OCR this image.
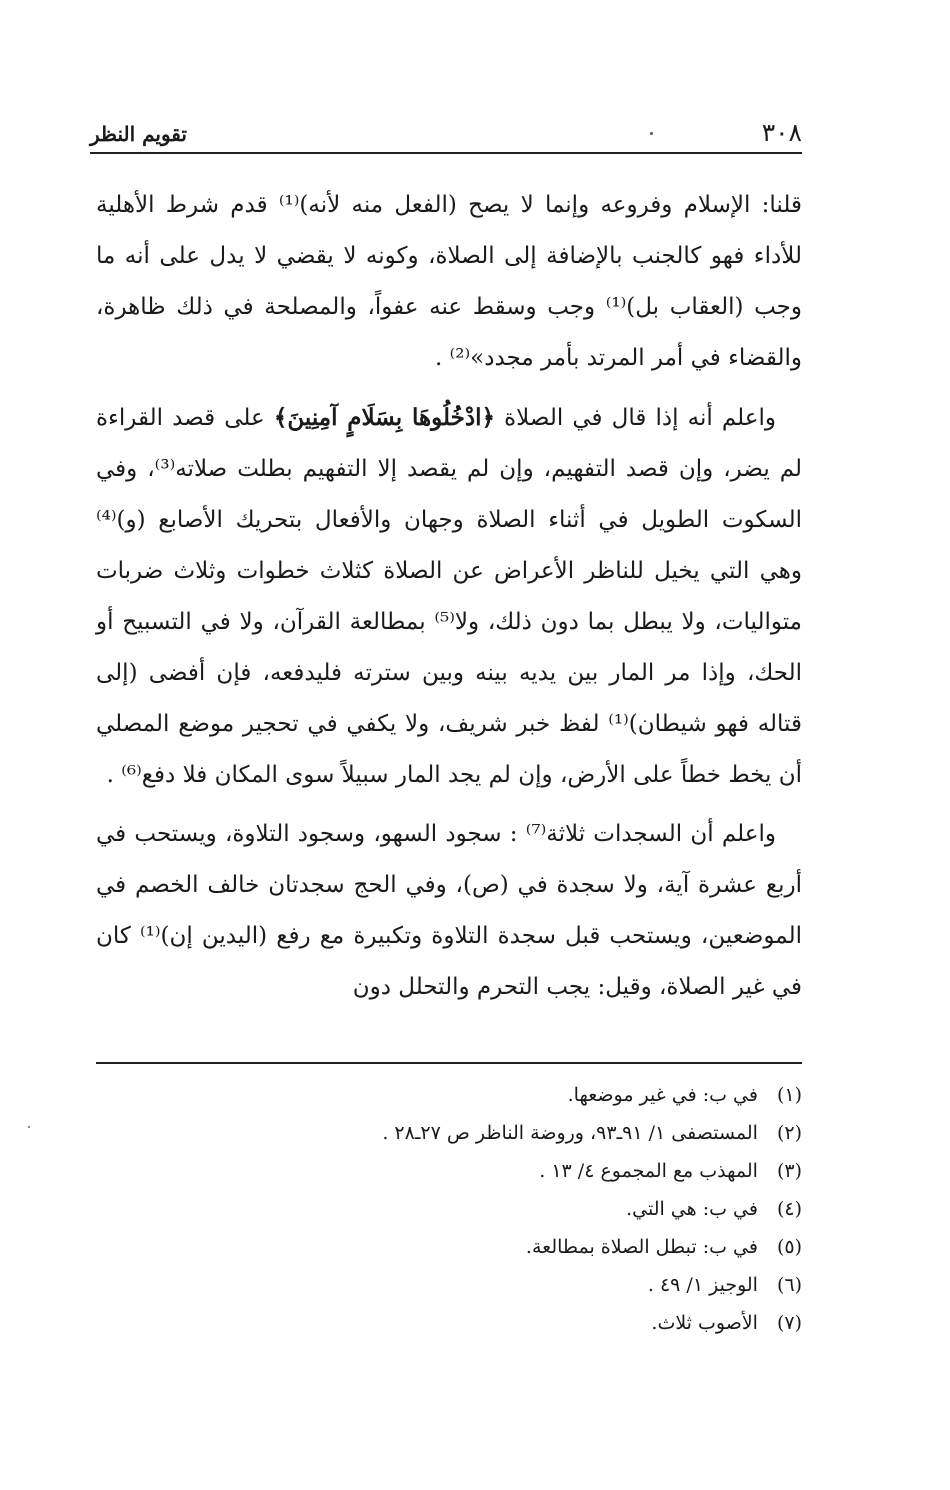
٣٠٨
تقويم النظر

قلنا: الإسلام وفروعه وإنما لا يصح (الفعل منه لأنه)⁽¹⁾ قدم شرط الأهلية للأداء فهو كالجنب بالإضافة إلى الصلاة، وكونه لا يقضي لا يدل على أنه ما وجب (العقاب بل)⁽¹⁾ وجب وسقط عنه عفواً، والمصلحة في ذلك ظاهرة، والقضاء في أمر المرتد بأمر مجدد»⁽²⁾ .

واعلم أنه إذا قال في الصلاة ﴿ادْخُلُوهَا بِسَلَامٍ آمِنِينَ﴾ على قصد القراءة لم يضر، وإن قصد التفهيم، وإن لم يقصد إلا التفهيم بطلت صلاته⁽³⁾، وفي السكوت الطويل في أثناء الصلاة وجهان والأفعال بتحريك الأصابع (و)⁽⁴⁾ وهي التي يخيل للناظر الأعراض عن الصلاة كثلاث خطوات وثلاث ضربات متواليات، ولا يبطل بما دون ذلك، ولا⁽⁵⁾ بمطالعة القرآن، ولا في التسبيح أو الحك، وإذا مر المار بين يديه بينه وبين سترته فليدفعه، فإن أفضى (إلى قتاله فهو شيطان)⁽¹⁾ لفظ خبر شريف، ولا يكفي في تحجير موضع المصلي أن يخط خطاً على الأرض، وإن لم يجد المار سبيلاً سوى المكان فلا دفع⁽⁶⁾ .

واعلم أن السجدات ثلاثة⁽⁷⁾ : سجود السهو، وسجود التلاوة، ويستحب في أربع عشرة آية، ولا سجدة في (ص)، وفي الحج سجدتان خالف الخصم في الموضعين، ويستحب قبل سجدة التلاوة وتكبيرة مع رفع (اليدين إن)⁽¹⁾ كان في غير الصلاة، وقيل: يجب التحرم والتحلل دون

(١) في ب: في غير موضعها.
(٢) المستصفى ١/ ٩١ـ٩٣، وروضة الناظر ص ٢٧ـ٢٨ .
(٣) المهذب مع المجموع ٤/ ١٣ .
(٤) في ب: هي التي.
(٥) في ب: تبطل الصلاة بمطالعة.
(٦) الوجيز ١/ ٤٩ .
(٧) الأصوب ثلاث.
